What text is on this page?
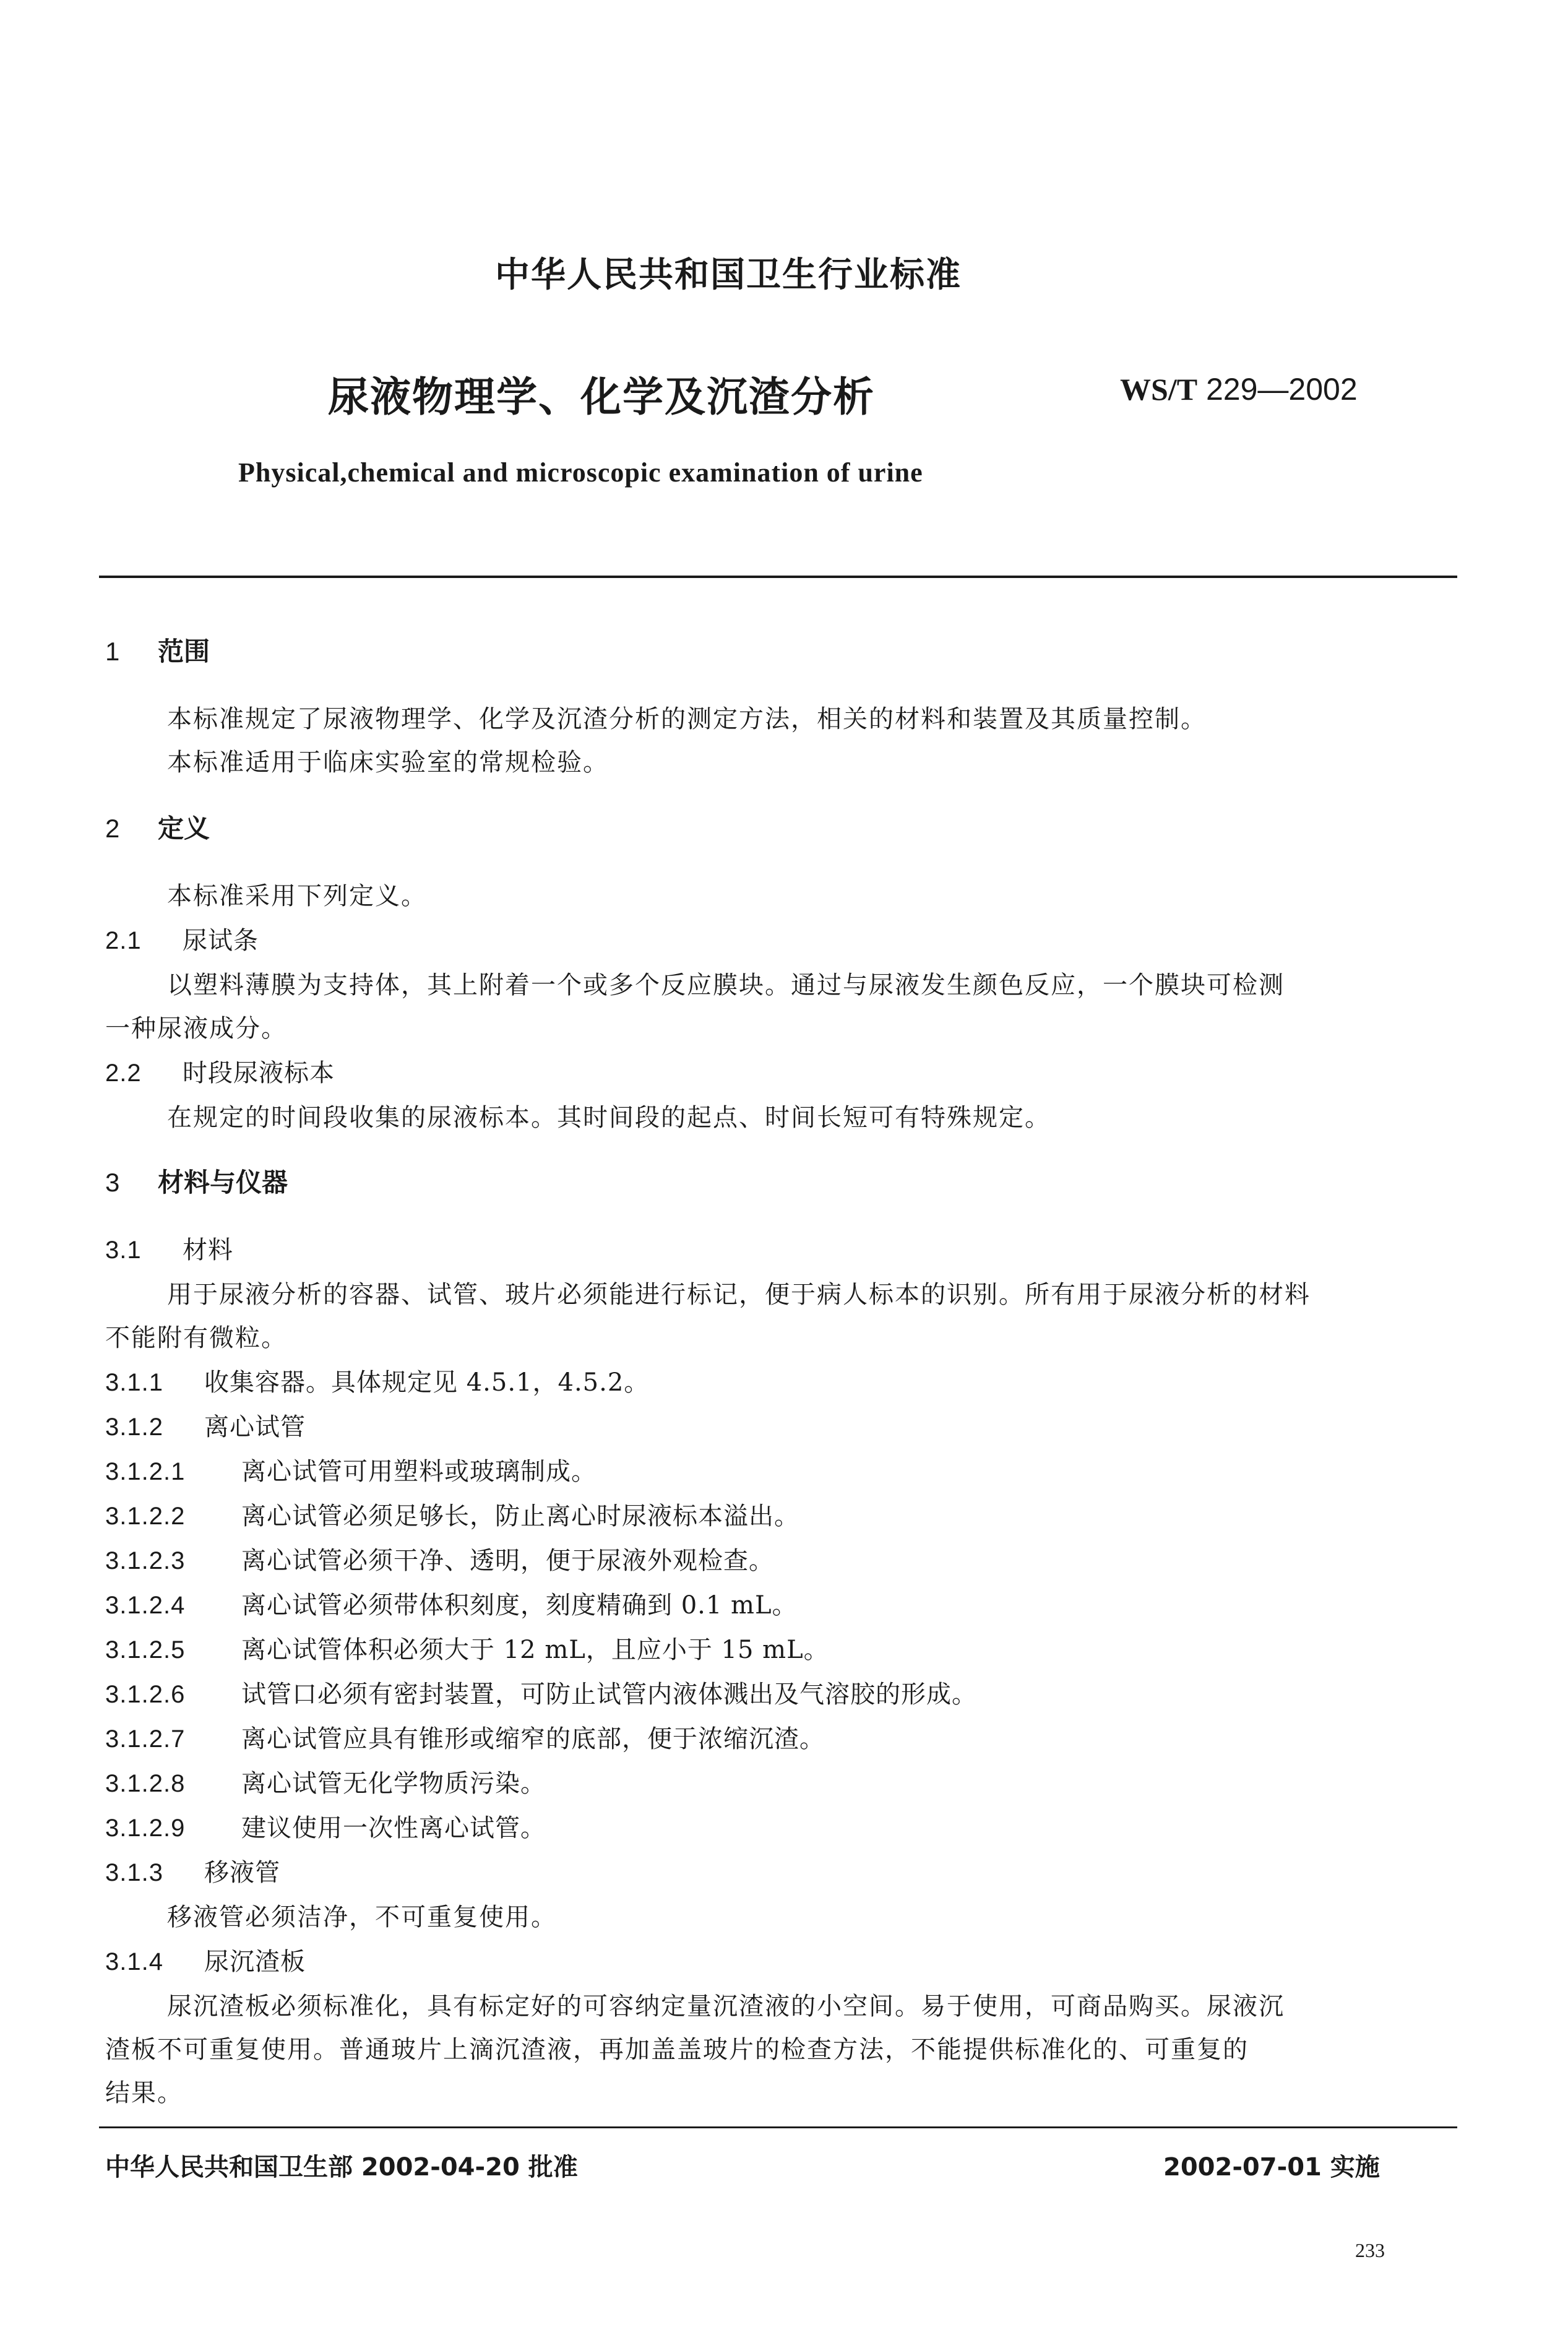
中华人民共和国卫生行业标准
尿液物理学、化学及沉渣分析	WS/T 229—2002
Physical,chemical and microscopic examination of urine
1 范围
本标准规定了尿液物理学、化学及沉渣分析的测定方法，相关的材料和装置及其质量控制。
本标准适用于临床实验室的常规检验。
2 定义
本标准采用下列定义。
2.1 尿试条
以塑料薄膜为支持体，其上附着一个或多个反应膜块。通过与尿液发生颜色反应，一个膜块可检测
一种尿液成分。
2.2 时段尿液标本
在规定的时间段收集的尿液标本。其时间段的起点、时间长短可有特殊规定。
3 材料与仪器
3.1 材料
用于尿液分析的容器、试管、玻片必须能进行标记，便于病人标本的识别。所有用于尿液分析的材料
不能附有微粒。
3.1.1 收集容器。具体规定见 4.5.1，4.5.2。
3.1.2 离心试管
3.1.2.1 离心试管可用塑料或玻璃制成。
3.1.2.2 离心试管必须足够长，防止离心时尿液标本溢出。
3.1.2.3 离心试管必须干净、透明，便于尿液外观检查。
3.1.2.4 离心试管必须带体积刻度，刻度精确到 0.1 mL。
3.1.2.5 离心试管体积必须大于 12 mL，且应小于 15 mL。
3.1.2.6 试管口必须有密封装置，可防止试管内液体溅出及气溶胶的形成。
3.1.2.7 离心试管应具有锥形或缩窄的底部，便于浓缩沉渣。
3.1.2.8 离心试管无化学物质污染。
3.1.2.9 建议使用一次性离心试管。
3.1.3 移液管
移液管必须洁净，不可重复使用。
3.1.4 尿沉渣板
尿沉渣板必须标准化，具有标定好的可容纳定量沉渣液的小空间。易于使用，可商品购买。尿液沉
渣板不可重复使用。普通玻片上滴沉渣液，再加盖盖玻片的检查方法，不能提供标准化的、可重复的
结果。
中华人民共和国卫生部 2002-04-20 批准	2002-07-01 实施
233
